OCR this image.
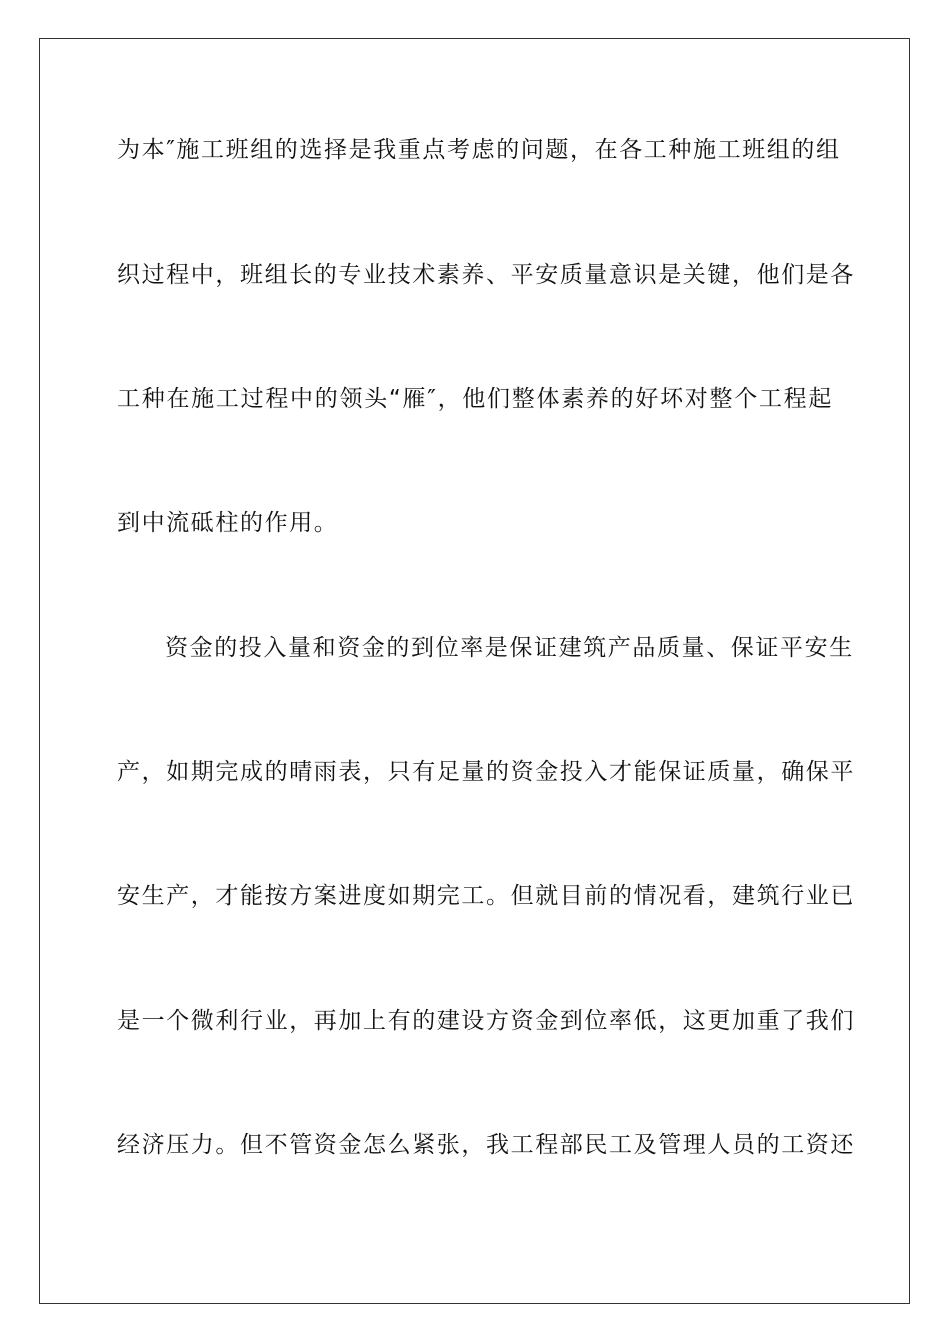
为本″施工班组的选择是我重点考虑的问题，在各工种施工班组的组
织过程中，班组长的专业技术素养、平安质量意识是关键，他们是各
工种在施工过程中的领头“雁″，他们整体素养的好坏对整个工程起
到中流砥柱的作用。
资金的投入量和资金的到位率是保证建筑产品质量、保证平安生
产，如期完成的晴雨表，只有足量的资金投入才能保证质量，确保平
安生产，才能按方案进度如期完工。但就目前的情况看，建筑行业已
是一个微利行业，再加上有的建设方资金到位率低，这更加重了我们
经济压力。但不管资金怎么紧张，我工程部民工及管理人员的工资还
